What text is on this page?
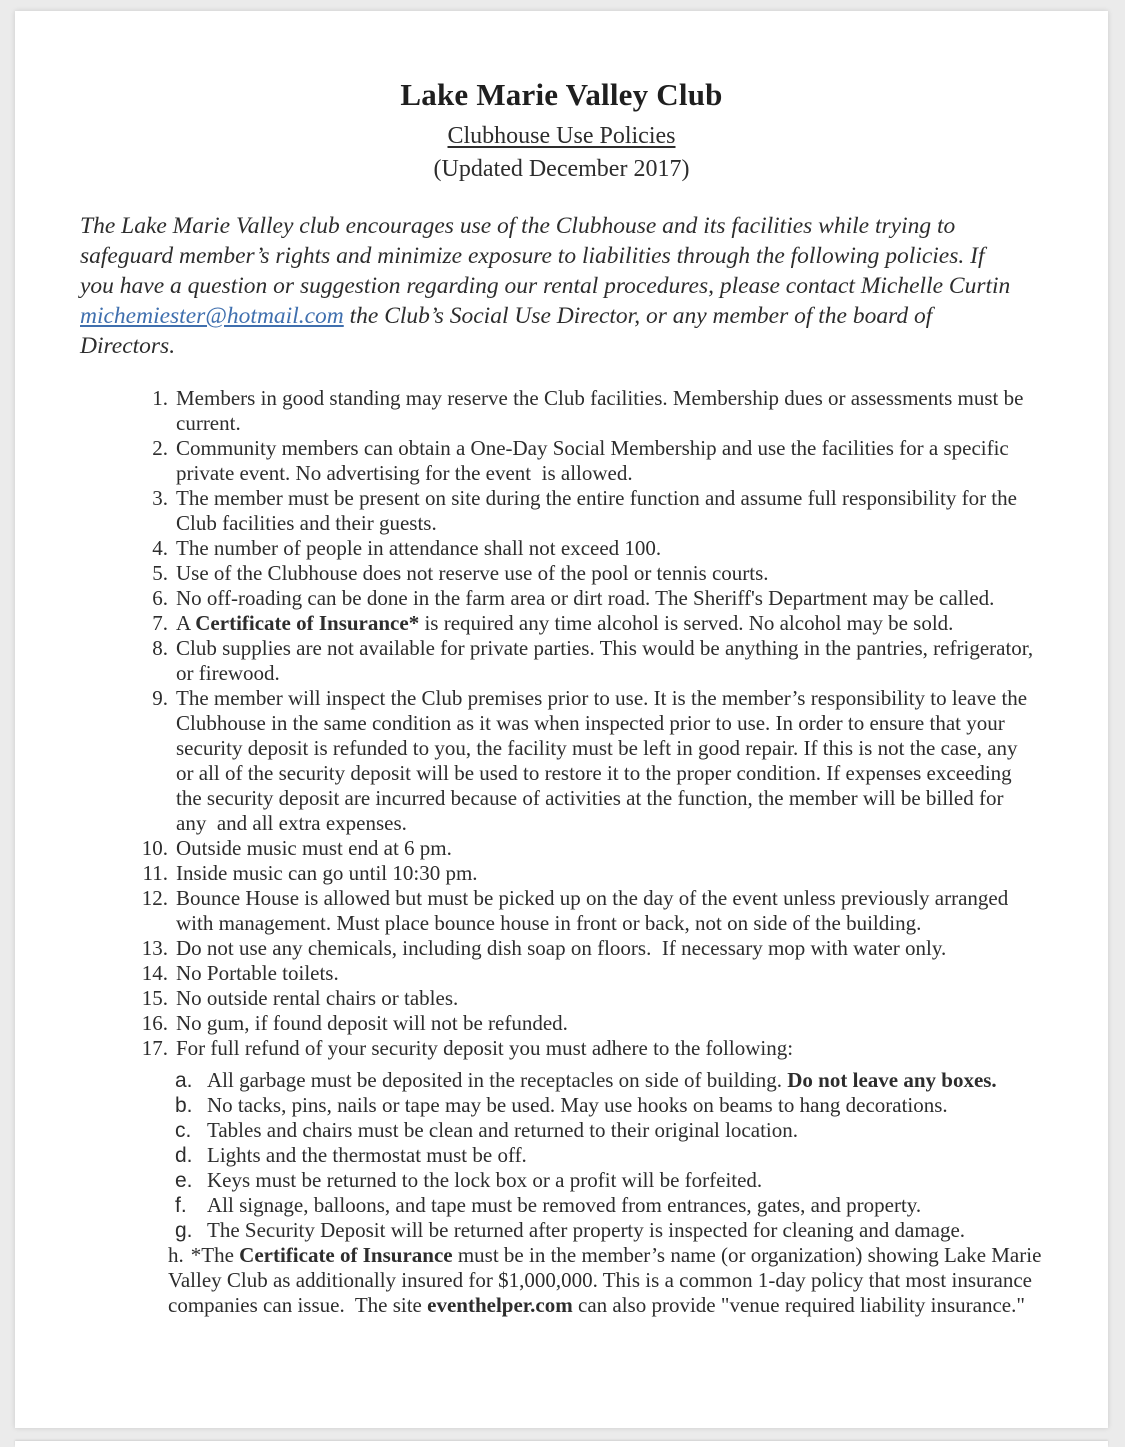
Lake Marie Valley Club
Clubhouse Use Policies
(Updated December 2017)

The Lake Marie Valley club encourages use of the Clubhouse and its facilities while trying to safeguard member’s rights and minimize exposure to liabilities through the following policies. If you have a question or suggestion regarding our rental procedures, please contact Michelle Curtin michemiester@hotmail.com the Club’s Social Use Director, or any member of the board of Directors.

1. Members in good standing may reserve the Club facilities. Membership dues or assessments must be current.
2. Community members can obtain a One-Day Social Membership and use the facilities for a specific private event. No advertising for the event  is allowed.
3. The member must be present on site during the entire function and assume full responsibility for the  Club facilities and their guests.
4. The number of people in attendance shall not exceed 100.
5. Use of the Clubhouse does not reserve use of the pool or tennis courts.
6. No off-roading can be done in the farm area or dirt road. The Sheriff's Department may be called.
7. A Certificate of Insurance* is required any time alcohol is served. No alcohol may be sold.
8. Club supplies are not available for private parties. This would be anything in the pantries, refrigerator, or firewood.
9. The member will inspect the Club premises prior to use. It is the member’s responsibility to leave the Clubhouse in the same condition as it was when inspected prior to use. In order to ensure that your security deposit is refunded to you, the facility must be left in good repair. If this is not the case, any or all of the security deposit will be used to restore it to the proper condition. If expenses exceeding the security deposit are incurred because of activities at the function, the member will be billed for any  and all extra expenses.
10. Outside music must end at 6 pm.
11. Inside music can go until 10:30 pm.
12. Bounce House is allowed but must be picked up on the day of the event unless previously arranged with management. Must place bounce house in front or back, not on side of the building.
13. Do not use any chemicals, including dish soap on floors.  If necessary mop with water only.
14. No Portable toilets.
15. No outside rental chairs or tables.
16. No gum, if found deposit will not be refunded.
17. For full refund of your security deposit you must adhere to the following:
a. All garbage must be deposited in the receptacles on side of building. Do not leave any boxes.
b. No tacks, pins, nails or tape may be used. May use hooks on beams to hang decorations.
c. Tables and chairs must be clean and returned to their original location.
d. Lights and the thermostat must be off.
e. Keys must be returned to the lock box or a profit will be forfeited.
f. All signage, balloons, and tape must be removed from entrances, gates, and property.
g. The Security Deposit will be returned after property is inspected for cleaning and damage.
h. *The Certificate of Insurance must be in the member’s name (or organization) showing Lake Marie Valley Club as additionally insured for $1,000,000. This is a common 1-day policy that most insurance companies can issue.  The site eventhelper.com can also provide "venue required liability insurance."
